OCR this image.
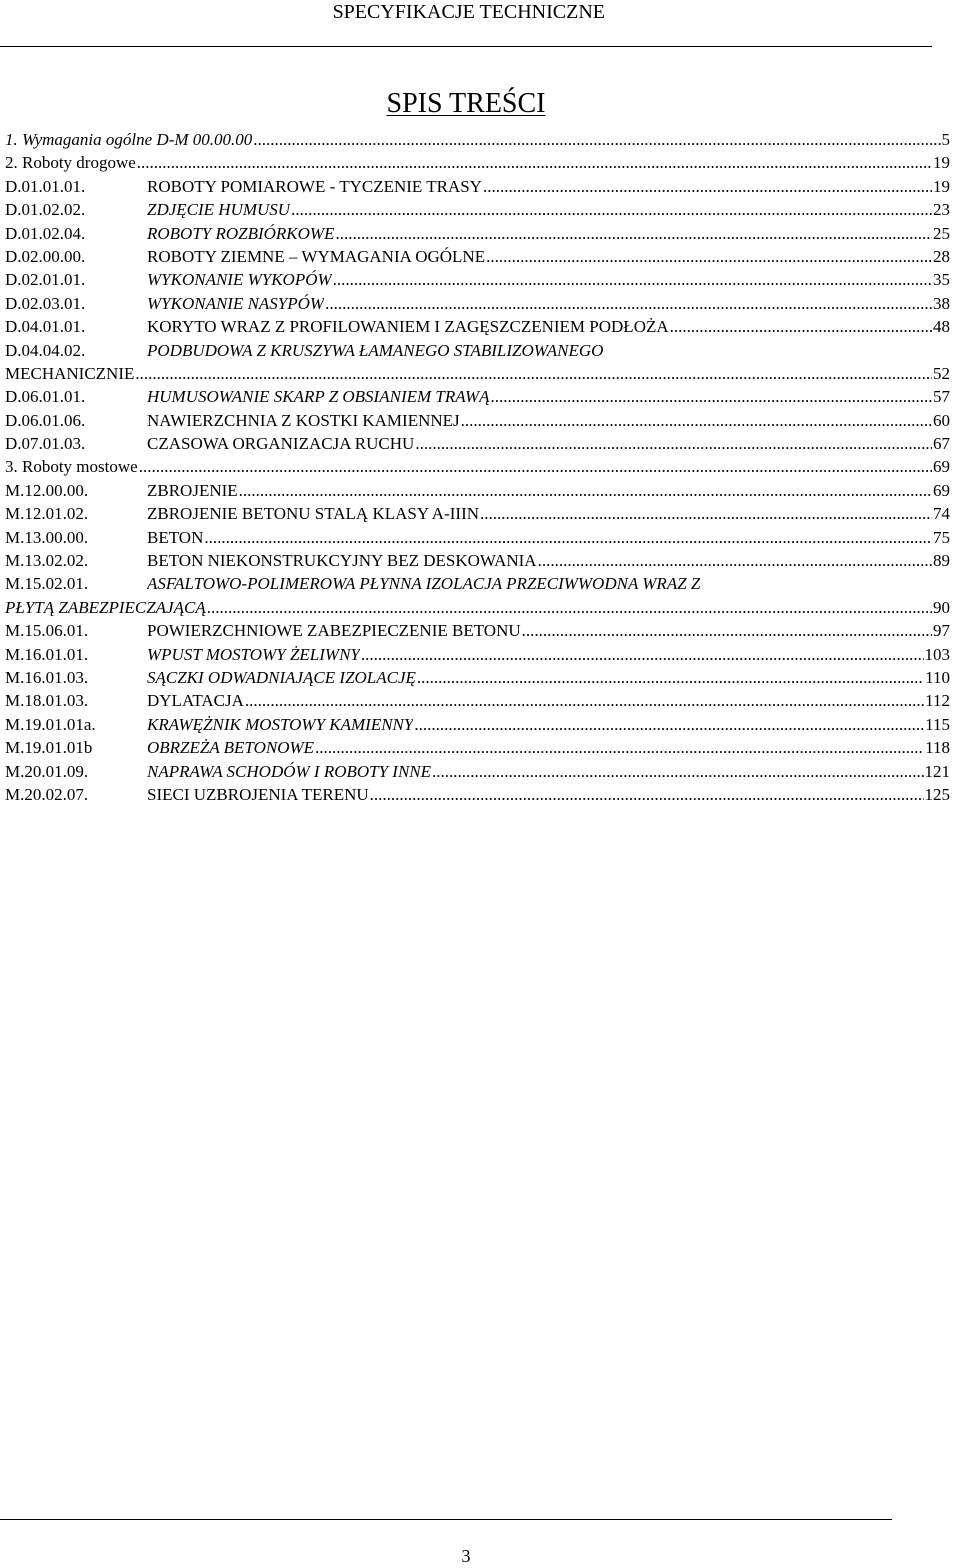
SPECYFIKACJE TECHNICZNE
SPIS TREŚCI
1. Wymagania ogólne D-M 00.00.00 .....	5
2. Roboty drogowe .....	19
D.01.01.01.	ROBOTY POMIAROWE - TYCZENIE TRASY .....	19
D.01.02.02.	ZDJĘCIE HUMUSU .....	23
D.01.02.04.	ROBOTY ROZBIÓRKOWE .....	25
D.02.00.00.	ROBOTY ZIEMNE – WYMAGANIA OGÓLNE .....	28
D.02.01.01.	WYKONANIE WYKOPÓW .....	35
D.02.03.01.	WYKONANIE NASYPÓW .....	38
D.04.01.01.	KORYTO WRAZ Z PROFILOWANIEM I ZAGĘSZCZENIEM PODŁOŻA .....	48
D.04.04.02.	PODBUDOWA Z KRUSZYWA ŁAMANEGO STABILIZOWANEGO
MECHANICZNIE .....	52
D.06.01.01.	HUMUSOWANIE SKARP Z OBSIANIEM TRAWĄ .....	57
D.06.01.06.	NAWIERZCHNIA Z KOSTKI KAMIENNEJ .....	60
D.07.01.03.	CZASOWA ORGANIZACJA RUCHU .....	67
3. Roboty mostowe .....	69
M.12.00.00.	ZBROJENIE .....	69
M.12.01.02.	ZBROJENIE BETONU STALĄ KLASY A-IIIN .....	74
M.13.00.00.	BETON .....	75
M.13.02.02.	BETON NIEKONSTRUKCYJNY BEZ DESKOWANIA .....	89
M.15.02.01.	ASFALTOWO-POLIMEROWA PŁYNNA IZOLACJA PRZECIWWODNA WRAZ Z
PŁYTĄ ZABEZPIECZAJĄCĄ .....	90
M.15.06.01.	POWIERZCHNIOWE ZABEZPIECZENIE BETONU .....	97
M.16.01.01.	WPUST MOSTOWY ŻELIWNY .....	103
M.16.01.03.	SĄCZKI ODWADNIAJĄCE IZOLACJĘ .....	110
M.18.01.03.	DYLATACJA .....	112
M.19.01.01a.	KRAWĘŻNIK MOSTOWY KAMIENNY .....	115
M.19.01.01b	OBRZEŻA BETONOWE .....	118
M.20.01.09.	NAPRAWA SCHODÓW I ROBOTY INNE .....	121
M.20.02.07.	SIECI UZBROJENIA TERENU .....	125
3
